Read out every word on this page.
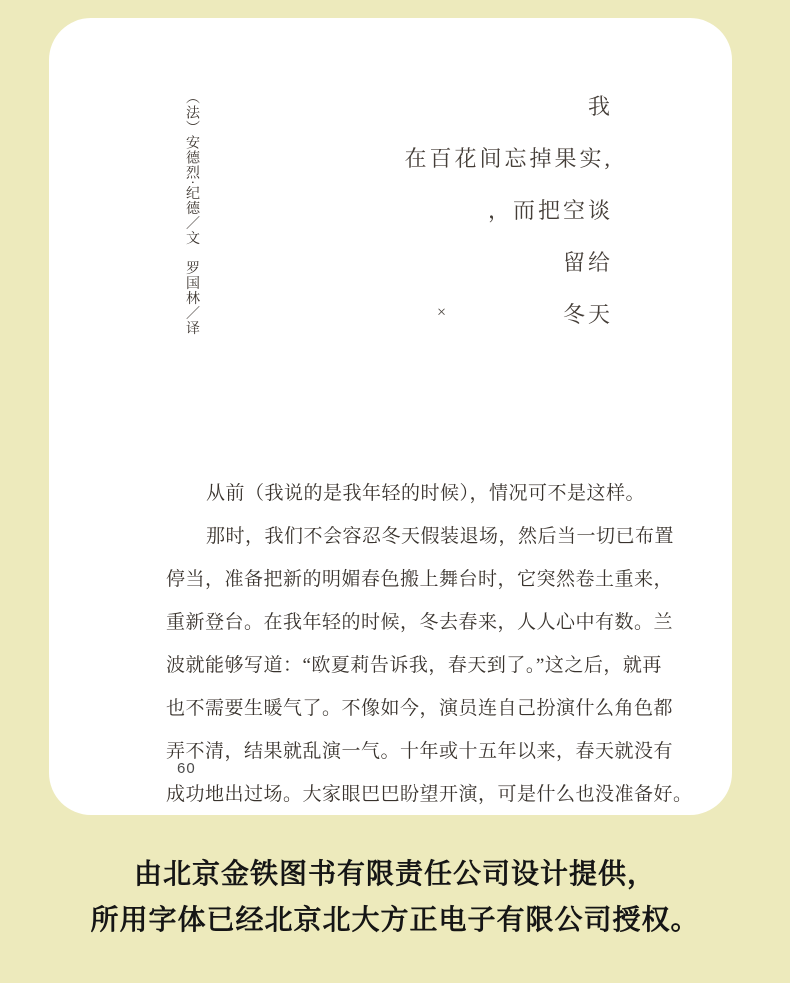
（法）安德烈·纪德／文　罗国林／译	我
在百花间忘掉果实,
，而把空谈
留给
冬天
×
从前（我说的是我年轻的时候），情况可不是这样。
那时，我们不会容忍冬天假装退场，然后当一切已布置
停当，准备把新的明媚春色搬上舞台时，它突然卷土重来，
重新登台。在我年轻的时候，冬去春来，人人心中有数。兰
波就能够写道：“欧夏莉告诉我，春天到了。”这之后，就再
也不需要生暖气了。不像如今，演员连自己扮演什么角色都
弄不清，结果就乱演一气。十年或十五年以来，春天就没有
成功地出过场。大家眼巴巴盼望开演，可是什么也没准备好。
60
由北京金铁图书有限责任公司设计提供，
所用字体已经北京北大方正电子有限公司授权。
